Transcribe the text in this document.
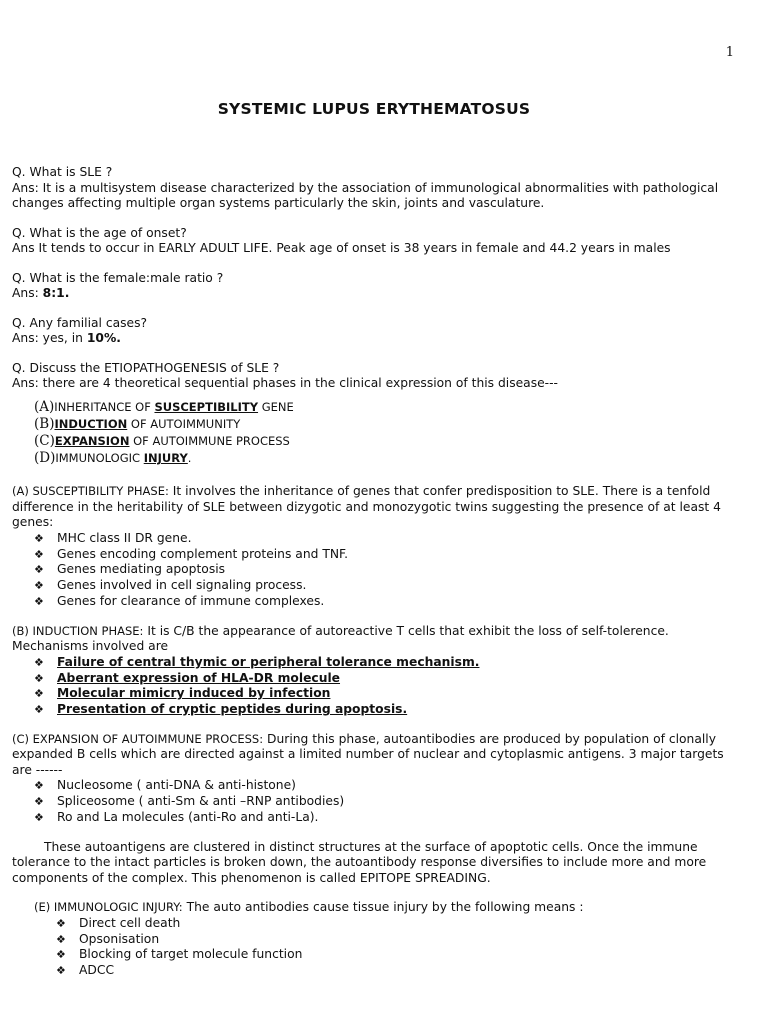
1
SYSTEMIC LUPUS ERYTHEMATOSUS

Q. What is SLE ?

Ans: It is a multisystem disease characterized by the association of immunological abnormalities with pathological changes affecting multiple organ systems particularly the skin, joints and vasculature.

Q. What is the age of onset?

Ans It tends to occur in EARLY ADULT LIFE. Peak age of onset is 38 years in female and 44.2 years in males

Q. What is the female:male ratio ?

Ans: 8:1.

Q. Any familial cases?

Ans: yes, in 10%.

Q. Discuss the ETIOPATHOGENESIS of SLE ?

Ans: there are 4 theoretical sequential phases in the clinical expression of this disease---

(A)INHERITANCE OF SUSCEPTIBILITY GENE
(B)INDUCTION OF AUTOIMMUNITY
(C)EXPANSION OF AUTOIMMUNE PROCESS
(D)IMMUNOLOGIC INJURY.

(A) SUSCEPTIBILITY PHASE: It involves the inheritance of genes that confer predisposition to SLE. There is a tenfold difference in the heritability of SLE between dizygotic and monozygotic twins suggesting the presence of at least 4 genes:

❖ MHC class II DR gene.
❖ Genes encoding complement proteins and TNF.
❖ Genes mediating apoptosis
❖ Genes involved in cell signaling process.
❖ Genes for clearance of immune complexes.

(B) INDUCTION PHASE: It is C/B the appearance of autoreactive T cells that exhibit the loss of self-tolerence. Mechanisms involved are

❖ Failure of central thymic or peripheral tolerance mechanism.
❖ Aberrant expression of HLA-DR molecule
❖ Molecular mimicry induced by infection
❖ Presentation of cryptic peptides during apoptosis.

(C) EXPANSION OF AUTOIMMUNE PROCESS: During this phase, autoantibodies are produced by population of clonally expanded B cells which are directed against a limited number of nuclear and cytoplasmic antigens. 3 major targets are ------

❖ Nucleosome ( anti-DNA & anti-histone)
❖ Spliceosome ( anti-Sm & anti –RNP antibodies)
❖ Ro and La molecules (anti-Ro and anti-La).

These autoantigens are clustered in distinct structures at the surface of apoptotic cells. Once the immune tolerance to the intact particles is broken down, the autoantibody response diversifies to include more and more components of the complex. This phenomenon is called EPITOPE SPREADING.

(E) IMMUNOLOGIC INJURY: The auto antibodies cause tissue injury by the following means :

❖ Direct cell death
❖ Opsonisation
❖ Blocking of target molecule function
❖ ADCC
